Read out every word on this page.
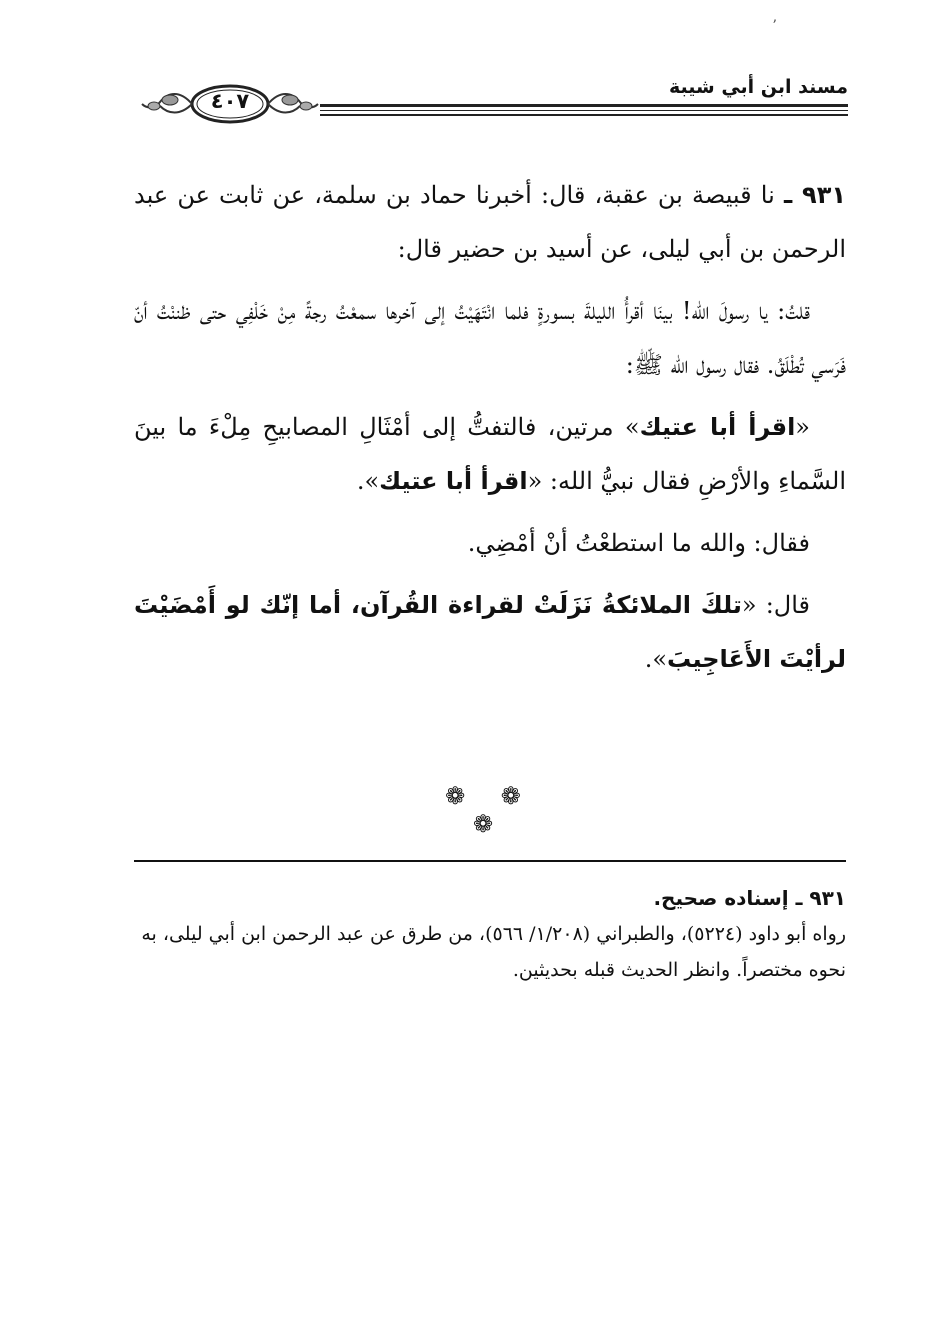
ʼ
مسند ابن أبي شيبة
٤٠٧

٩٣١ ـ نا قبيصة بن عقبة، قال: أخبرنا حماد بن سلمة، عن ثابت عن عبد الرحمن بن أبي ليلى، عن أسيد بن حضير قال:

قلتُ: يا رسولَ الله! بينَا أقرأُ الليلةَ بسورةٍ فلما انْتَهَيْتُ إلى آخرها سمعْتُ رجةً مِنْ خَلْفِي حتى ظننْتُ أنّ فَرَسي تُطْلَقُ. فقال رسول الله ﷺ:

«اقرأ أبا عتيك» مرتين، فالتفتُّ إلى أمْثَالِ المصابيحِ مِلْءَ ما بينَ السَّماءِ والأرْضِ فقال نبيُّ الله: «اقرأ أبا عتيك».

فقال: والله ما استطعْتُ أنْ أمْضِي.

قال: «تلكَ الملائكةُ نَزَلَتْ لقراءة القُرآن، أما إنّك لو أَمْضَيْتَ لرأيْتَ الأَعَاجِيبَ».

❁ ❁ ❁

٩٣١ ـ إسناده صحيح.

رواه أبو داود (٥٢٢٤)، والطبراني (١/٢٠٨/ ٥٦٦)، من طرق عن عبد الرحمن ابن أبي ليلى، به نحوه مختصراً. وانظر الحديث قبله بحديثين.
